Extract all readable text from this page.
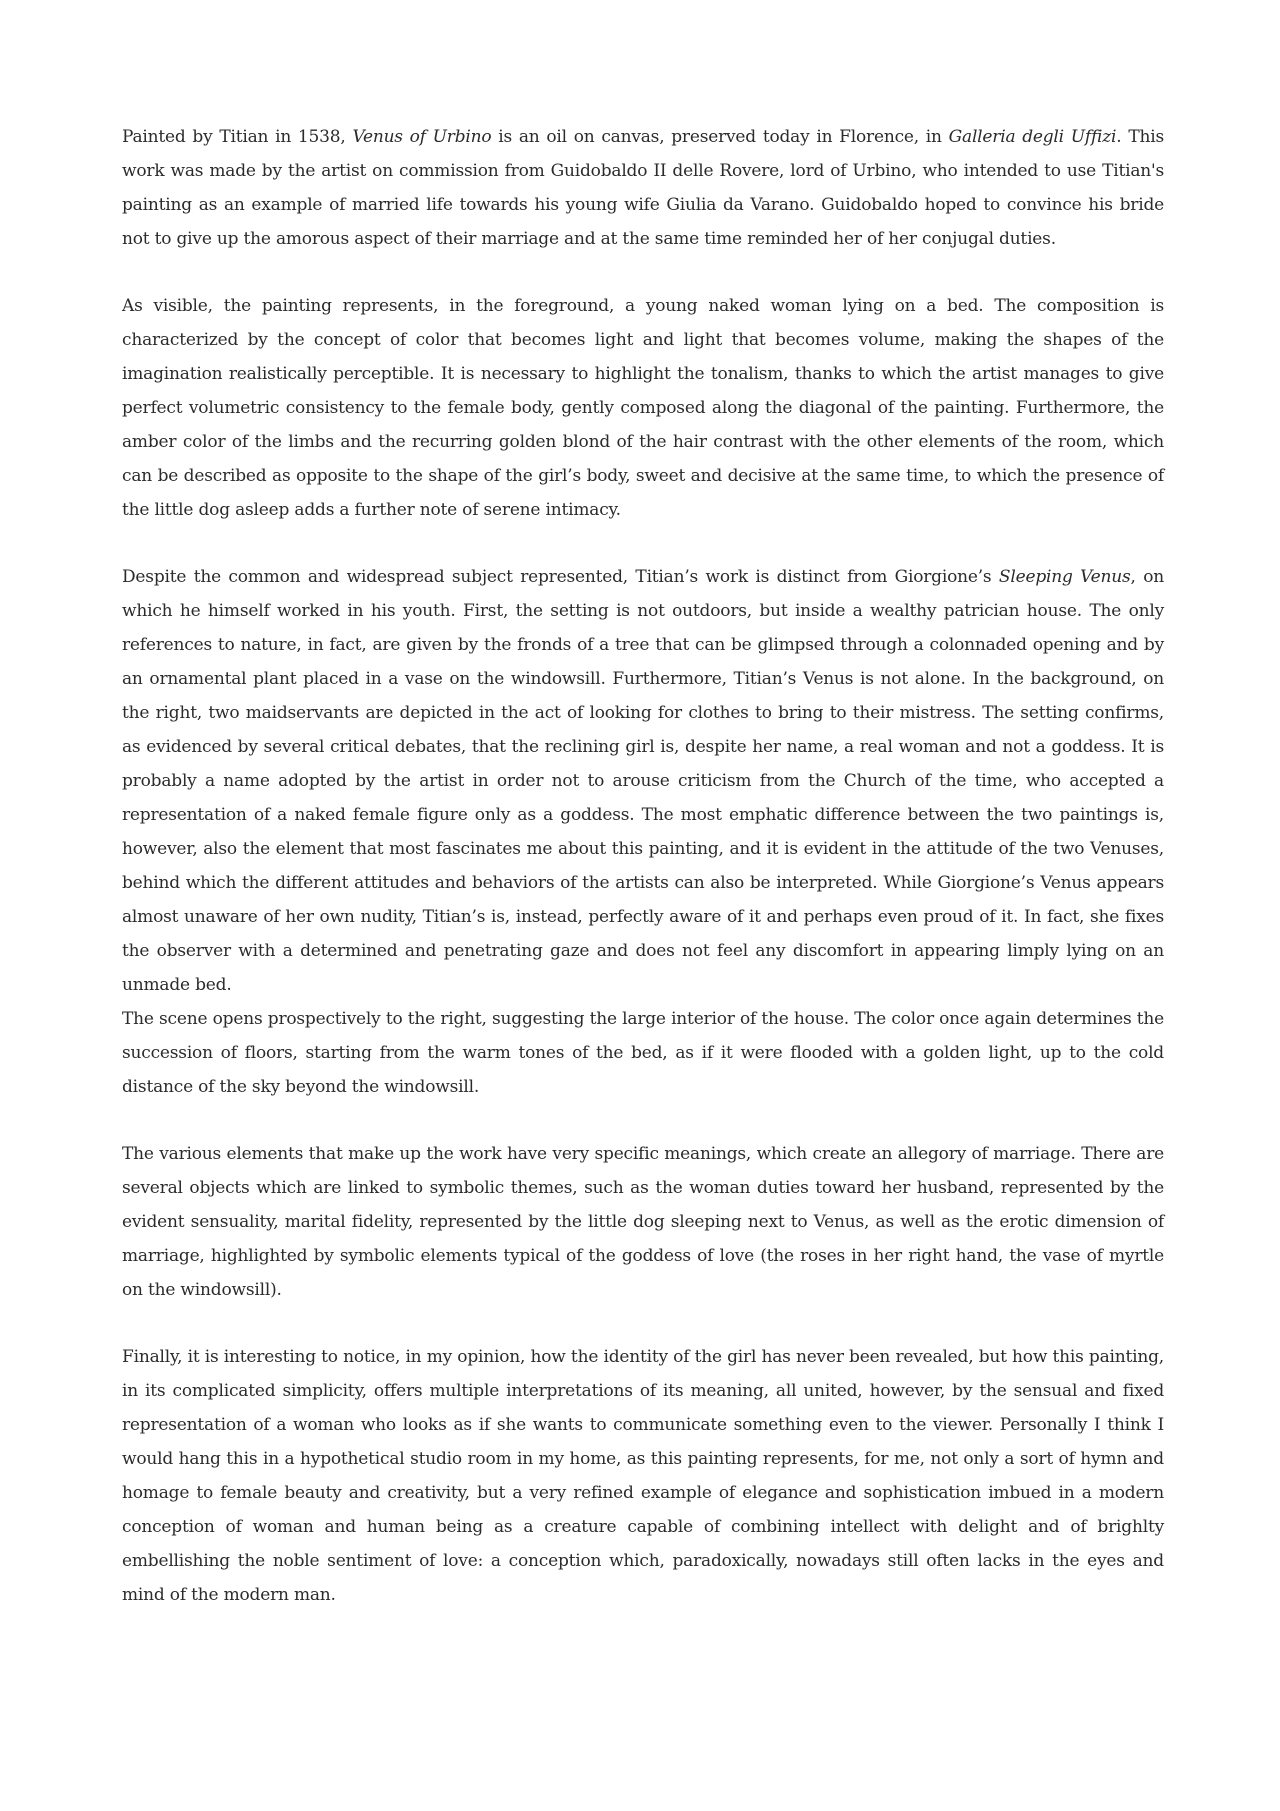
Painted by Titian in 1538, Venus of Urbino is an oil on canvas, preserved today in Florence, in Galleria degli Uffizi. This work was made by the artist on commission from Guidobaldo II delle Rovere, lord of Urbino, who intended to use Titian's painting as an example of married life towards his young wife Giulia da Varano. Guidobaldo hoped to convince his bride not to give up the amorous aspect of their marriage and at the same time reminded her of her conjugal duties.

As visible, the painting represents, in the foreground, a young naked woman lying on a bed. The composition is characterized by the concept of color that becomes light and light that becomes volume, making the shapes of the imagination realistically perceptible. It is necessary to highlight the tonalism, thanks to which the artist manages to give perfect volumetric consistency to the female body, gently composed along the diagonal of the painting. Furthermore, the amber color of the limbs and the recurring golden blond of the hair contrast with the other elements of the room, which can be described as opposite to the shape of the girl’s body, sweet and decisive at the same time, to which the presence of the little dog asleep adds a further note of serene intimacy.

Despite the common and widespread subject represented, Titian’s work is distinct from Giorgione’s Sleeping Venus, on which he himself worked in his youth. First, the setting is not outdoors, but inside a wealthy patrician house. The only references to nature, in fact, are given by the fronds of a tree that can be glimpsed through a colonnaded opening and by an ornamental plant placed in a vase on the windowsill. Furthermore, Titian’s Venus is not alone. In the background, on the right, two maidservants are depicted in the act of looking for clothes to bring to their mistress. The setting confirms, as evidenced by several critical debates, that the reclining girl is, despite her name, a real woman and not a goddess. It is probably a name adopted by the artist in order not to arouse criticism from the Church of the time, who accepted a representation of a naked female figure only as a goddess. The most emphatic difference between the two paintings is, however, also the element that most fascinates me about this painting, and it is evident in the attitude of the two Venuses, behind which the different attitudes and behaviors of the artists can also be interpreted. While Giorgione’s Venus appears almost unaware of her own nudity, Titian’s is, instead, perfectly aware of it and perhaps even proud of it. In fact, she fixes the observer with a determined and penetrating gaze and does not feel any discomfort in appearing limply lying on an unmade bed.

The scene opens prospectively to the right, suggesting the large interior of the house. The color once again determines the succession of floors, starting from the warm tones of the bed, as if it were flooded with a golden light, up to the cold distance of the sky beyond the windowsill.

The various elements that make up the work have very specific meanings, which create an allegory of marriage. There are several objects which are linked to symbolic themes, such as the woman duties toward her husband, represented by the evident sensuality, marital fidelity, represented by the little dog sleeping next to Venus, as well as the erotic dimension of marriage, highlighted by symbolic elements typical of the goddess of love (the roses in her right hand, the vase of myrtle on the windowsill).

Finally, it is interesting to notice, in my opinion, how the identity of the girl has never been revealed, but how this painting, in its complicated simplicity, offers multiple interpretations of its meaning, all united, however, by the sensual and fixed representation of a woman who looks as if she wants to communicate something even to the viewer. Personally I think I would hang this in a hypothetical studio room in my home, as this painting represents, for me, not only a sort of hymn and homage to female beauty and creativity, but a very refined example of elegance and sophistication imbued in a modern conception of woman and human being as a creature capable of combining intellect with delight and of brighlty embellishing the noble sentiment of love: a conception which, paradoxically, nowadays still often lacks in the eyes and mind of the modern man.
